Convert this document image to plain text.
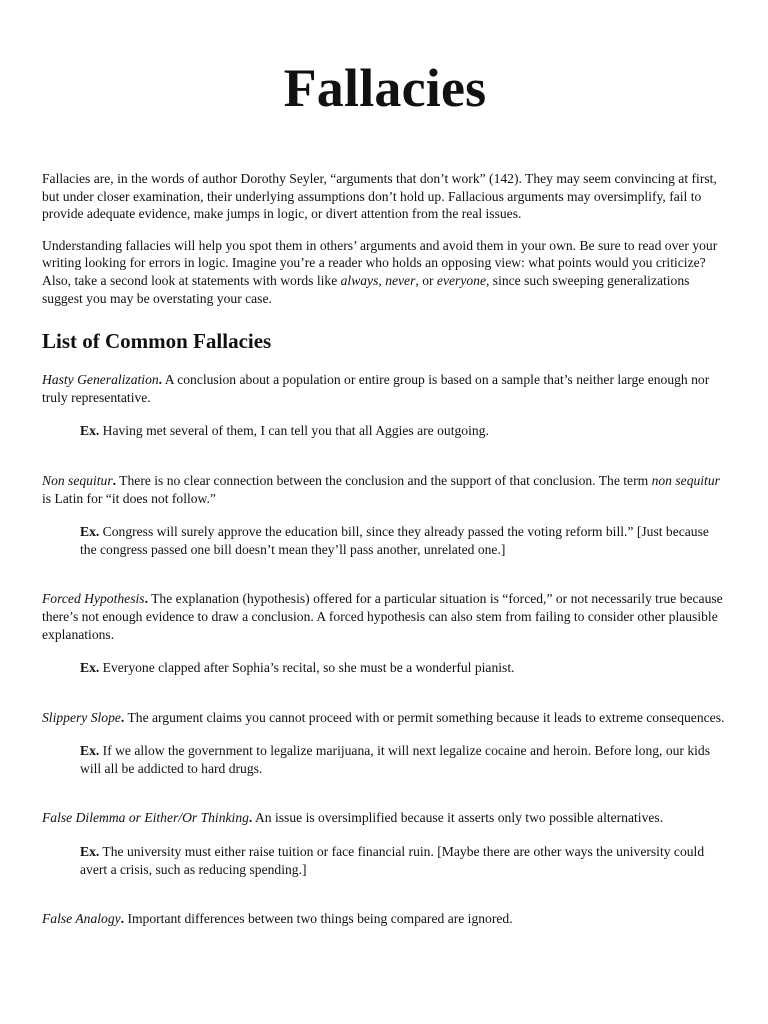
Fallacies

Fallacies are, in the words of author Dorothy Seyler, “arguments that don’t work” (142). They may seem convincing at first, but under closer examination, their underlying assumptions don’t hold up. Fallacious arguments may oversimplify, fail to provide adequate evidence, make jumps in logic, or divert attention from the real issues.

Understanding fallacies will help you spot them in others’ arguments and avoid them in your own. Be sure to read over your writing looking for errors in logic. Imagine you’re a reader who holds an opposing view: what points would you criticize? Also, take a second look at statements with words like always, never, or everyone, since such sweeping generalizations suggest you may be overstating your case.

List of Common Fallacies

Hasty Generalization. A conclusion about a population or entire group is based on a sample that’s neither large enough nor truly representative.

Ex. Having met several of them, I can tell you that all Aggies are outgoing.

Non sequitur. There is no clear connection between the conclusion and the support of that conclusion. The term non sequitur is Latin for “it does not follow.”

Ex. Congress will surely approve the education bill, since they already passed the voting reform bill.” [Just because the congress passed one bill doesn’t mean they’ll pass another, unrelated one.]

Forced Hypothesis. The explanation (hypothesis) offered for a particular situation is “forced,” or not necessarily true because there’s not enough evidence to draw a conclusion. A forced hypothesis can also stem from failing to consider other plausible explanations.

Ex. Everyone clapped after Sophia’s recital, so she must be a wonderful pianist.

Slippery Slope. The argument claims you cannot proceed with or permit something because it leads to extreme consequences.

Ex. If we allow the government to legalize marijuana, it will next legalize cocaine and heroin. Before long, our kids will all be addicted to hard drugs.

False Dilemma or Either/Or Thinking. An issue is oversimplified because it asserts only two possible alternatives.

Ex. The university must either raise tuition or face financial ruin. [Maybe there are other ways the university could avert a crisis, such as reducing spending.]

False Analogy. Important differences between two things being compared are ignored.
